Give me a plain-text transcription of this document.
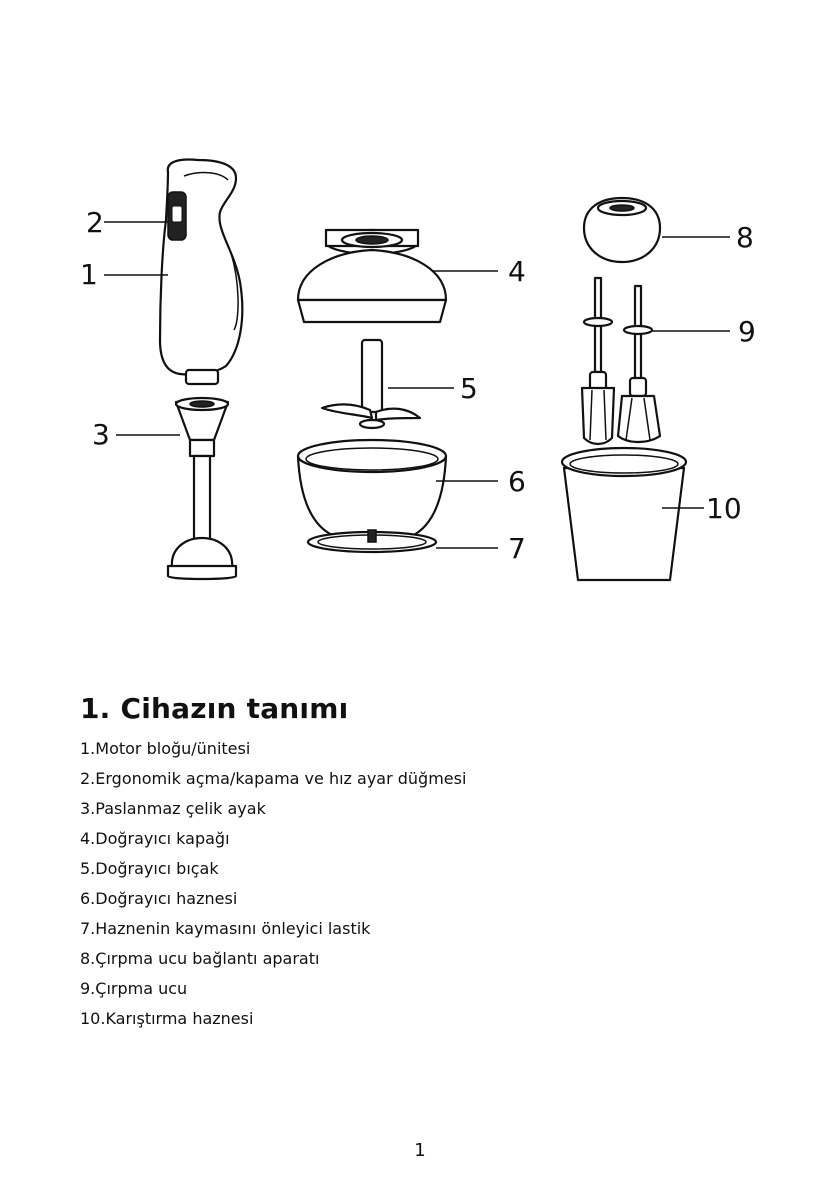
1
2
3
4
5
6
7
8
9
10
1. Cihazın tanımı
1.Motor bloğu/ünitesi
2.Ergonomik açma/kapama ve hız ayar düğmesi
3.Paslanmaz çelik ayak
4.Doğrayıcı kapağı
5.Doğrayıcı bıçak
6.Doğrayıcı haznesi
7.Haznenin kaymasını önleyici lastik
8.Çırpma ucu bağlantı aparatı
9.Çırpma ucu
10.Karıştırma haznesi
1
